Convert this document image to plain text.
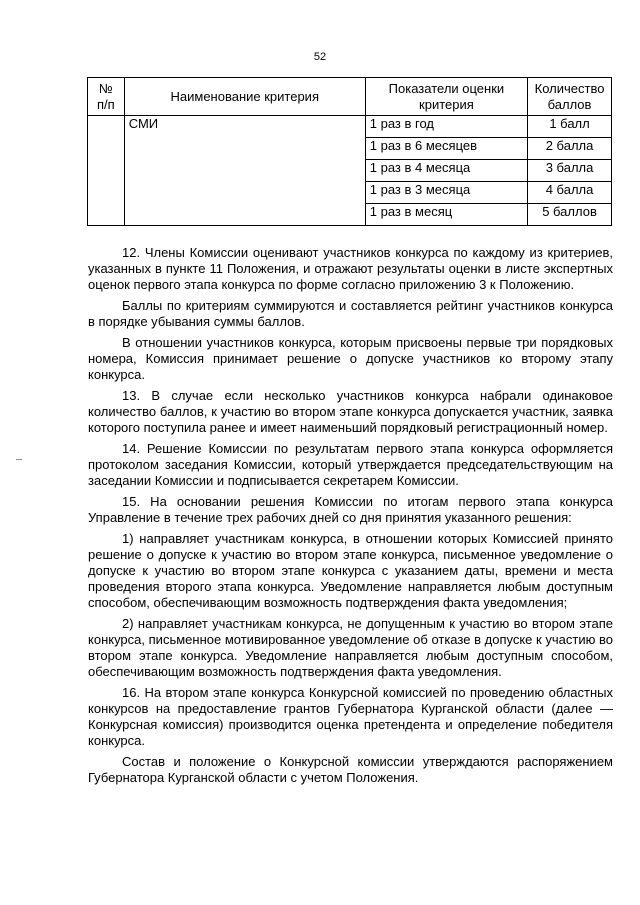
52
№ п/п	Наименование критерия	Показатели оценки критерия	Количество баллов
	СМИ	1 раз в год	1 балл
		1 раз в 6 месяцев	2 балла
		1 раз в 4 месяца	3 балла
		1 раз в 3 месяца	4 балла
		1 раз в месяц	5 баллов

12. Члены Комиссии оценивают участников конкурса по каждому из критериев, указанных в пункте 11 Положения, и отражают результаты оценки в листе экспертных оценок первого этапа конкурса по форме согласно приложению 3 к Положению.

Баллы по критериям суммируются и составляется рейтинг участников конкурса в порядке убывания суммы баллов.

В отношении участников конкурса, которым присвоены первые три порядковых номера, Комиссия принимает решение о допуске участников ко второму этапу конкурса.

13. В случае если несколько участников конкурса набрали одинаковое количество баллов, к участию во втором этапе конкурса допускается участник, заявка которого поступила ранее и имеет наименьший порядковый регистрационный номер.

14. Решение Комиссии по результатам первого этапа конкурса оформляется протоколом заседания Комиссии, который утверждается председательствующим на заседании Комиссии и подписывается секретарем Комиссии.

15. На основании решения Комиссии по итогам первого этапа конкурса Управление в течение трех рабочих дней со дня принятия указанного решения:

1) направляет участникам конкурса, в отношении которых Комиссией принято решение о допуске к участию во втором этапе конкурса, письменное уведомление о допуске к участию во втором этапе конкурса с указанием даты, времени и места проведения второго этапа конкурса. Уведомление направляется любым доступным способом, обеспечивающим возможность подтверждения факта уведомления;

2) направляет участникам конкурса, не допущенным к участию во втором этапе конкурса, письменное мотивированное уведомление об отказе в допуске к участию во втором этапе конкурса. Уведомление направляется любым доступным способом, обеспечивающим возможность подтверждения факта уведомления.

16. На втором этапе конкурса Конкурсной комиссией по проведению областных конкурсов на предоставление грантов Губернатора Курганской области (далее — Конкурсная комиссия) производится оценка претендента и определение победителя конкурса.

Состав и положение о Конкурсной комиссии утверждаются распоряжением Губернатора Курганской области с учетом Положения.
